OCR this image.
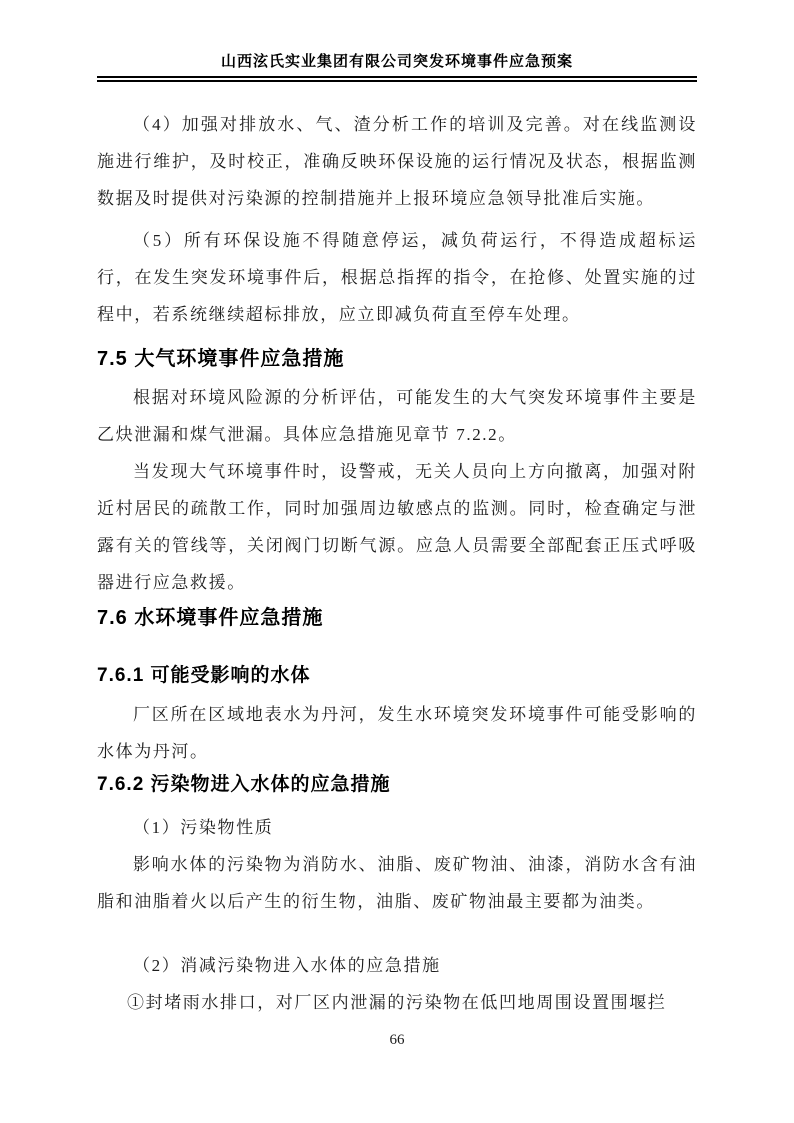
山西泫氏实业集团有限公司突发环境事件应急预案

（4）加强对排放水、气、渣分析工作的培训及完善。对在线监测设施进行维护，及时校正，准确反映环保设施的运行情况及状态，根据监测数据及时提供对污染源的控制措施并上报环境应急领导批准后实施。

（5）所有环保设施不得随意停运，减负荷运行，不得造成超标运行，在发生突发环境事件后，根据总指挥的指令，在抢修、处置实施的过程中，若系统继续超标排放，应立即减负荷直至停车处理。

7.5 大气环境事件应急措施

根据对环境风险源的分析评估，可能发生的大气突发环境事件主要是乙炔泄漏和煤气泄漏。具体应急措施见章节 7.2.2。

当发现大气环境事件时，设警戒，无关人员向上方向撤离，加强对附近村居民的疏散工作，同时加强周边敏感点的监测。同时，检查确定与泄露有关的管线等，关闭阀门切断气源。应急人员需要全部配套正压式呼吸器进行应急救援。

7.6 水环境事件应急措施
7.6.1 可能受影响的水体

厂区所在区域地表水为丹河，发生水环境突发环境事件可能受影响的水体为丹河。

7.6.2 污染物进入水体的应急措施

（1）污染物性质

影响水体的污染物为消防水、油脂、废矿物油、油漆，消防水含有油脂和油脂着火以后产生的衍生物，油脂、废矿物油最主要都为油类。

（2）消减污染物进入水体的应急措施

①封堵雨水排口，对厂区内泄漏的污染物在低凹地周围设置围堰拦

66
